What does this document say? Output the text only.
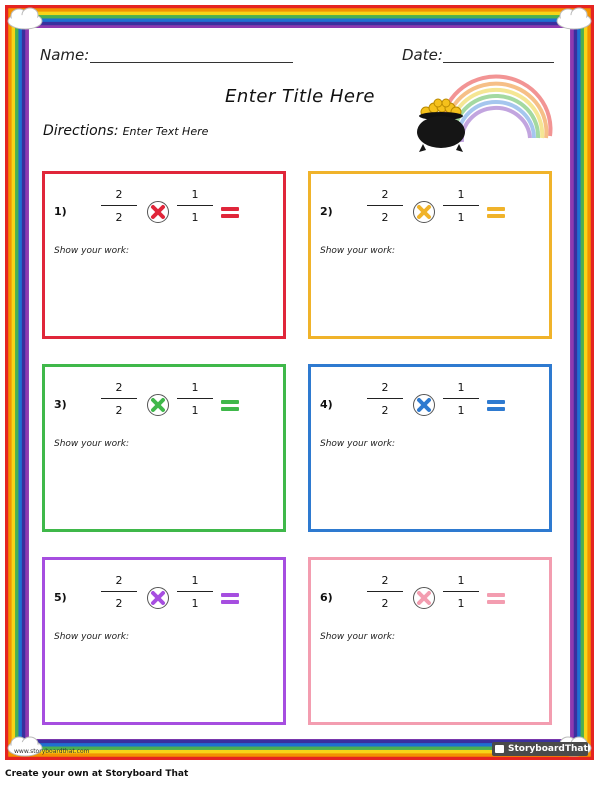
Name:	Date:
Enter Title Here
Directions: Enter Text Here
1)
2
2
1
1
Show your work:
2)
2
2
1
1
Show your work:
3)
2
2
1
1
Show your work:
4)
2
2
1
1
Show your work:
5)
2
2
1
1
Show your work:
6)
2
2
1
1
Show your work:
www.storyboardthat.com	StoryboardThat
Create your own at Storyboard That
